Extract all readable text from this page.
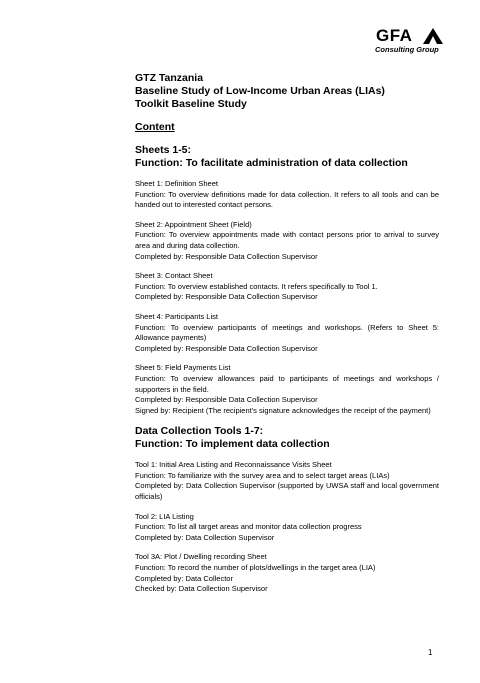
GFA
Consulting Group

GTZ Tanzania

Baseline Study of Low-Income Urban Areas (LIAs)

Toolkit Baseline Study

Content

Sheets 1-5:
Function: To facilitate administration of data collection

Sheet 1: Definition Sheet

Function: To overview definitions made for data collection. It refers to all tools and can be handed out to interested contact persons.

Sheet 2: Appointment Sheet (Field)

Function: To overview appointments made with contact persons prior to arrival to survey area and during data collection.

Completed by: Responsible Data Collection Supervisor

Sheet 3: Contact Sheet

Function: To overview established contacts. It refers specifically to Tool 1.

Completed by: Responsible Data Collection Supervisor

Sheet 4: Participants List

Function: To overview participants of meetings and workshops. (Refers to Sheet 5: Allowance payments)

Completed by: Responsible Data Collection Supervisor

Sheet 5: Field Payments List

Function: To overview allowances paid to participants of meetings and workshops / supporters in the field.

Completed by: Responsible Data Collection Supervisor

Signed by: Recipient (The recipient's signature acknowledges the receipt of the payment)

Data Collection Tools 1-7:
Function: To implement data collection

Tool 1: Initial Area Listing and Reconnaissance Visits Sheet

Function: To familiarize with the survey area and to select target areas (LIAs)

Completed by: Data Collection Supervisor (supported by UWSA staff and local government officials)

Tool 2: LIA Listing

Function: To list all target areas and monitor data collection progress

Completed by: Data Collection Supervisor

Tool 3A: Plot / Dwelling recording Sheet

Function: To record the number of plots/dwellings in the target area (LIA)

Completed by: Data Collector

Checked by: Data Collection Supervisor

1
